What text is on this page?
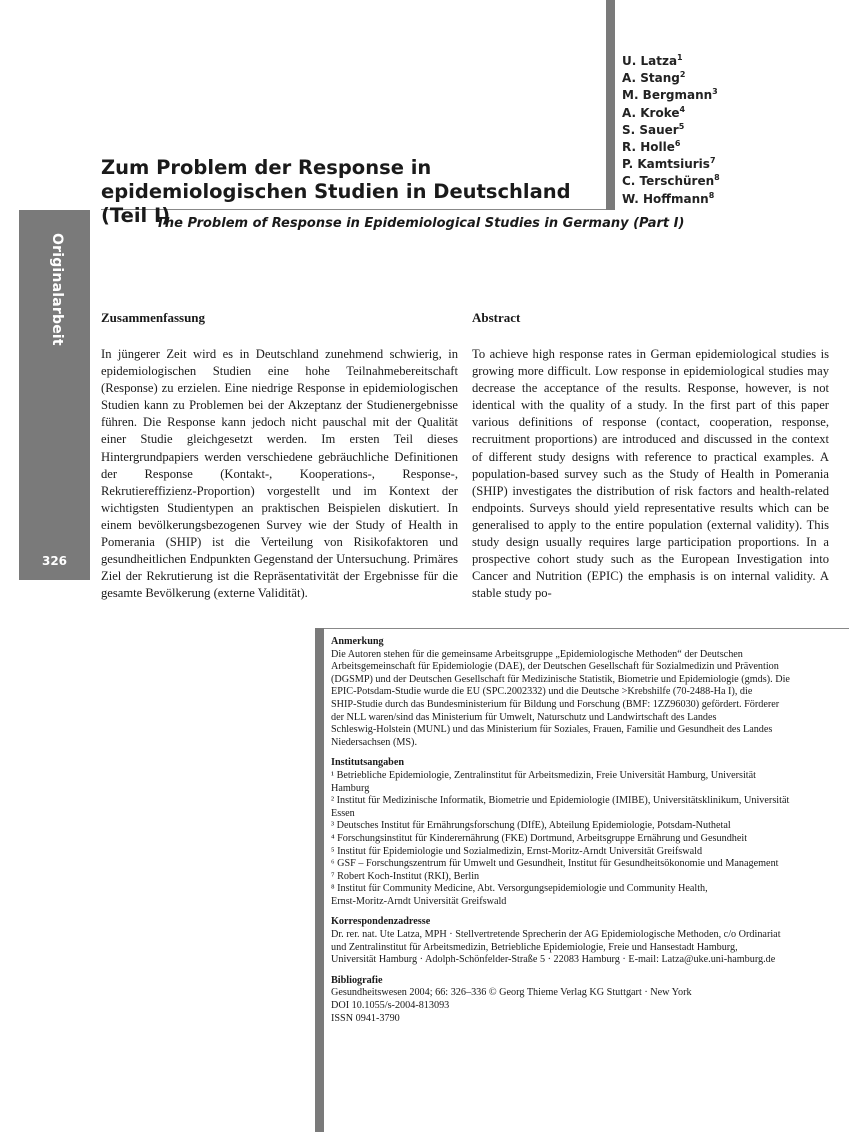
Originalarbeit
326
U. Latza$^1$
A. Stang$^2$
M. Bergmann$^3$
A. Kroke$^4$
S. Sauer$^5$
R. Holle$^6$
P. Kamtsiuris$^7$
C. Terschüren$^8$
W. Hoffmann$^8$
Zum Problem der Response in epidemiologischen Studien in Deutschland (Teil I)
The Problem of Response in Epidemiological Studies in Germany (Part I)
Zusammenfassung

In jüngerer Zeit wird es in Deutschland zunehmend schwierig, in epidemiologischen Studien eine hohe Teilnahmebereitschaft (Response) zu erzielen. Eine niedrige Response in epidemiologischen Studien kann zu Problemen bei der Akzeptanz der Studienergebnisse führen. Die Response kann jedoch nicht pauschal mit der Qualität einer Studie gleichgesetzt werden. Im ersten Teil dieses Hintergrundpapiers werden verschiedene gebräuchliche Definitionen der Response (Kontakt-, Kooperations-, Response-, Rekrutiereffizienz-Proportion) vorgestellt und im Kontext der wichtigsten Studientypen an praktischen Beispielen diskutiert. In einem bevölkerungsbezogenen Survey wie der Study of Health in Pomerania (SHIP) ist die Verteilung von Risikofaktoren und gesundheitlichen Endpunkten Gegenstand der Untersuchung. Primäres Ziel der Rekrutierung ist die Repräsentativität der Ergebnisse für die gesamte Bevölkerung (externe Validität).

Abstract

To achieve high response rates in German epidemiological studies is growing more difficult. Low response in epidemiological studies may decrease the acceptance of the results. Response, however, is not identical with the quality of a study. In the first part of this paper various definitions of response (contact, cooperation, response, recruitment proportions) are introduced and discussed in the context of different study designs with reference to practical examples. A population-based survey such as the Study of Health in Pomerania (SHIP) investigates the distribution of risk factors and health-related endpoints. Surveys should yield representative results which can be generalised to apply to the entire population (external validity). This study design usually requires large participation proportions. In a prospective cohort study such as the European Investigation into Cancer and Nutrition (EPIC) the emphasis is on internal validity. A stable study po-

Anmerkung
Die Autoren stehen für die gemeinsame Arbeitsgruppe „Epidemiologische Methoden“ der Deutschen
Arbeitsgemeinschaft für Epidemiologie (DAE), der Deutschen Gesellschaft für Sozialmedizin und Prävention
(DGSMP) und der Deutschen Gesellschaft für Medizinische Statistik, Biometrie und Epidemiologie (gmds). Die
EPIC-Potsdam-Studie wurde die EU (SPC.2002332) und die Deutsche >Krebshilfe (70-2488-Ha I), die
SHIP-Studie durch das Bundesministerium für Bildung und Forschung (BMF: 1ZZ96030) gefördert. Förderer
der NLL waren/sind das Ministerium für Umwelt, Naturschutz und Landwirtschaft des Landes
Schleswig-Holstein (MUNL) und das Ministerium für Soziales, Frauen, Familie und Gesundheit des Landes
Niedersachsen (MS).
Institutsangaben
¹ Betriebliche Epidemiologie, Zentralinstitut für Arbeitsmedizin, Freie Universität Hamburg, Universität
Hamburg
² Institut für Medizinische Informatik, Biometrie und Epidemiologie (IMIBE), Universitätsklinikum, Universität
Essen
³ Deutsches Institut für Ernährungsforschung (DIfE), Abteilung Epidemiologie, Potsdam-Nuthetal
⁴ Forschungsinstitut für Kinderernährung (FKE) Dortmund, Arbeitsgruppe Ernährung und Gesundheit
⁵ Institut für Epidemiologie und Sozialmedizin, Ernst-Moritz-Arndt Universität Greifswald
⁶ GSF – Forschungszentrum für Umwelt und Gesundheit, Institut für Gesundheitsökonomie und Management
⁷ Robert Koch-Institut (RKI), Berlin
⁸ Institut für Community Medicine, Abt. Versorgungsepidemiologie und Community Health,
Ernst-Moritz-Arndt Universität Greifswald
Korrespondenzadresse
Dr. rer. nat. Ute Latza, MPH · Stellvertretende Sprecherin der AG Epidemiologische Methoden, c/o Ordinariat
und Zentralinstitut für Arbeitsmedizin, Betriebliche Epidemiologie, Freie und Hansestadt Hamburg,
Universität Hamburg · Adolph-Schönfelder-Straße 5 · 22083 Hamburg · E-mail: Latza@uke.uni-hamburg.de
Bibliografie
Gesundheitswesen 2004; 66: 326–336 © Georg Thieme Verlag KG Stuttgart · New York
DOI 10.1055/s-2004-813093
ISSN 0941-3790
